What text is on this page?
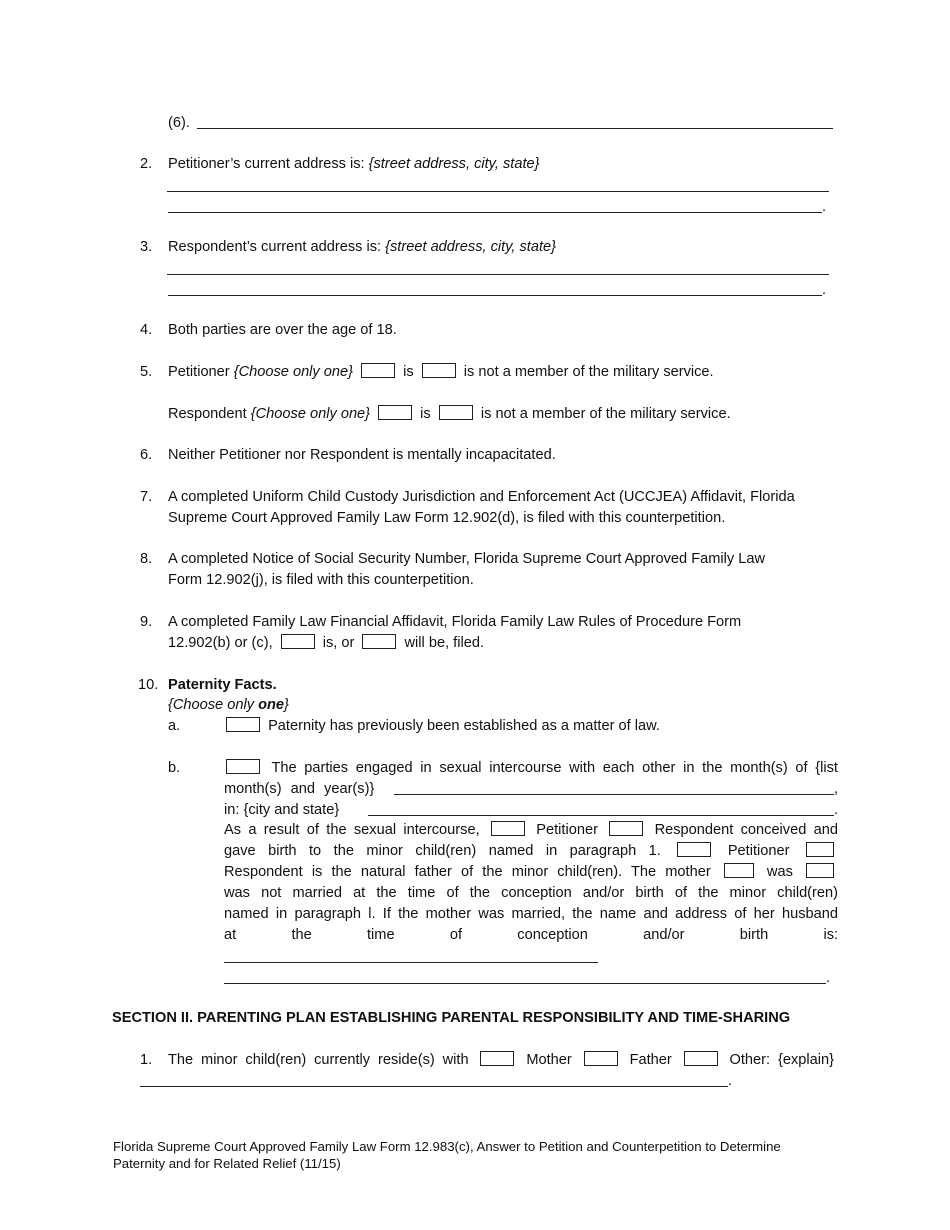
(6).
2. Petitioner’s current address is: {street address, city, state}
.
3. Respondent’s current address is: {street address, city, state}
.
4. Both parties are over the age of 18.
5. Petitioner {Choose only one}	is	is not a member of the military service.
Respondent {Choose only one}	is	is not a member of the military service.
6. Neither Petitioner nor Respondent is mentally incapacitated.
7. A completed Uniform Child Custody Jurisdiction and Enforcement Act (UCCJEA) Affidavit, Florida
Supreme Court Approved Family Law Form 12.902(d), is filed with this counterpetition.
8. A completed Notice of Social Security Number, Florida Supreme Court Approved Family Law
Form 12.902(j), is filed with this counterpetition.
9. A completed Family Law Financial Affidavit, Florida Family Law Rules of Procedure Form
12.902(b) or (c),	is, or	will be, filed.
10. Paternity Facts.
{Choose only one}
a.	Paternity has previously been established as a matter of law.
b.	The parties engaged in sexual intercourse with each other in the month(s) of {list
month(s) and year(s)}	,
in: {city and state}	.
As a result of the sexual intercourse,	Petitioner	Respondent conceived and
gave birth to the minor child(ren) named in paragraph 1.	Petitioner
Respondent is the natural father of the minor child(ren). The mother	was
was not married at the time of the conception and/or birth of the minor child(ren)
named in paragraph l. If the mother was married, the name and address of her husband
at	the	time	of	conception	and/or	birth	is:
.
SECTION II. PARENTING PLAN ESTABLISHING PARENTAL RESPONSIBILITY AND TIME-SHARING
1. The minor child(ren) currently reside(s) with	Mother	Father	Other: {explain}
.
Florida Supreme Court Approved Family Law Form 12.983(c), Answer to Petition and Counterpetition to Determine
Paternity and for Related Relief (11/15)
